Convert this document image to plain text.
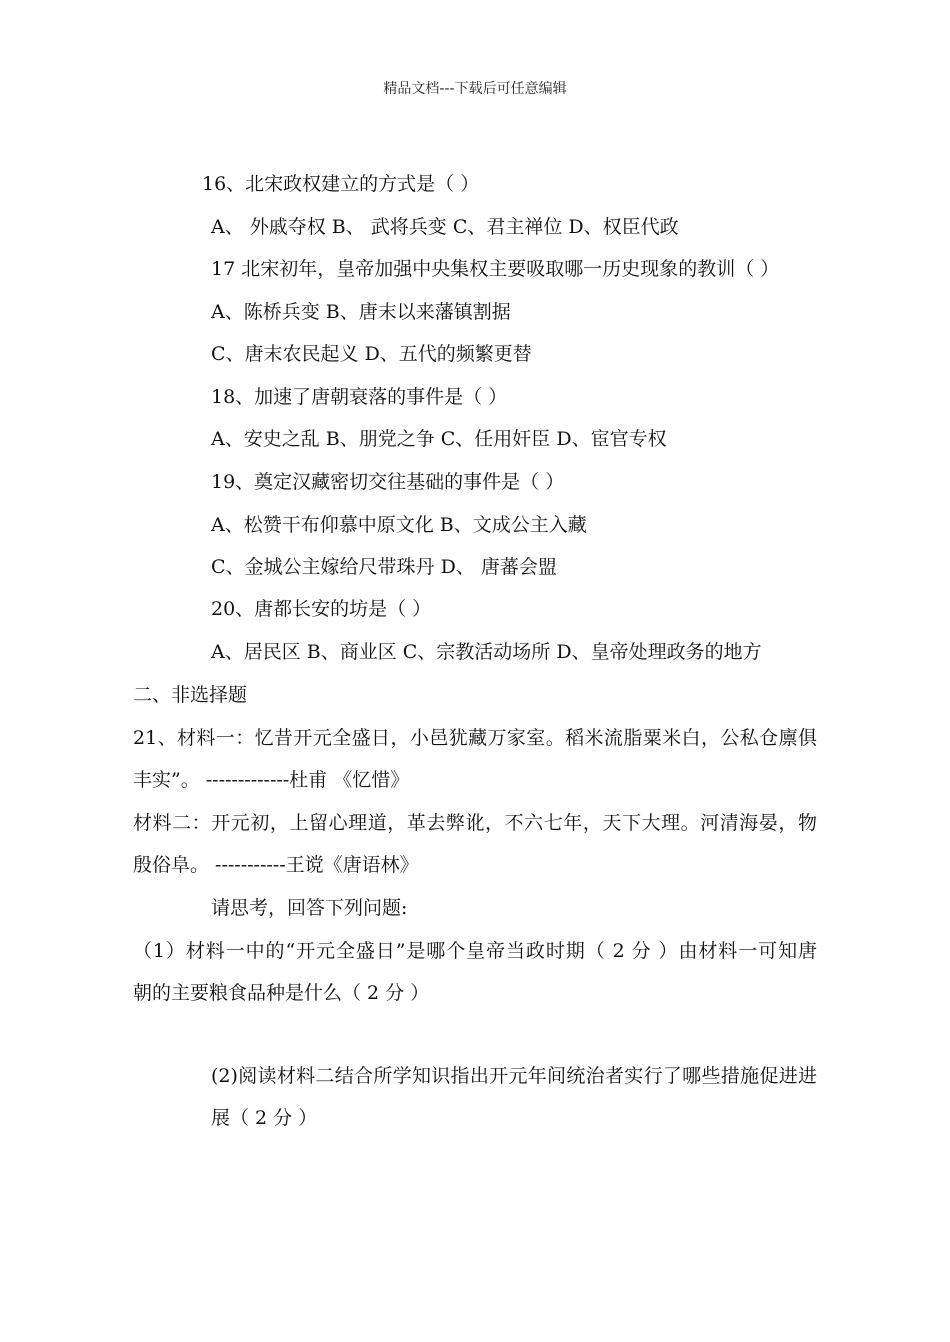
精品文档---下载后可任意编辑
16、北宋政权建立的方式是（ ）
A、 外戚夺权 B、 武将兵变 C、君主禅位 D、权臣代政
17 北宋初年，皇帝加强中央集权主要吸取哪一历史现象的教训（ ）
A、陈桥兵变 B、唐末以来藩镇割据
C、唐末农民起义 D、五代的频繁更替
18、加速了唐朝衰落的事件是（ ）
A、安史之乱 B、朋党之争 C、任用奸臣 D、宦官专权
19、奠定汉藏密切交往基础的事件是（ ）
A、松赞干布仰慕中原文化 B、文成公主入藏
C、金城公主嫁给尺带珠丹 D、 唐蕃会盟
20、唐都长安的坊是（ ）
A、居民区 B、商业区 C、宗教活动场所 D、皇帝处理政务的地方
二、非选择题
21、材料一：忆昔开元全盛日，小邑犹藏万家室。稻米流脂粟米白，公私仓廪俱
丰实”。 -------------杜甫 《忆惜》
材料二：开元初，上留心理道，革去弊讹，不六七年，天下大理。河清海晏，物
殷俗阜。 -----------王谠《唐语林》
请思考，回答下列问题:
（1）材料一中的“开元全盛日”是哪个皇帝当政时期（ 2 分 ）由材料一可知唐
朝的主要粮食品种是什么（ 2 分 ）
(2)阅读材料二结合所学知识指出开元年间统治者实行了哪些措施促进进
展（ 2 分 ）
